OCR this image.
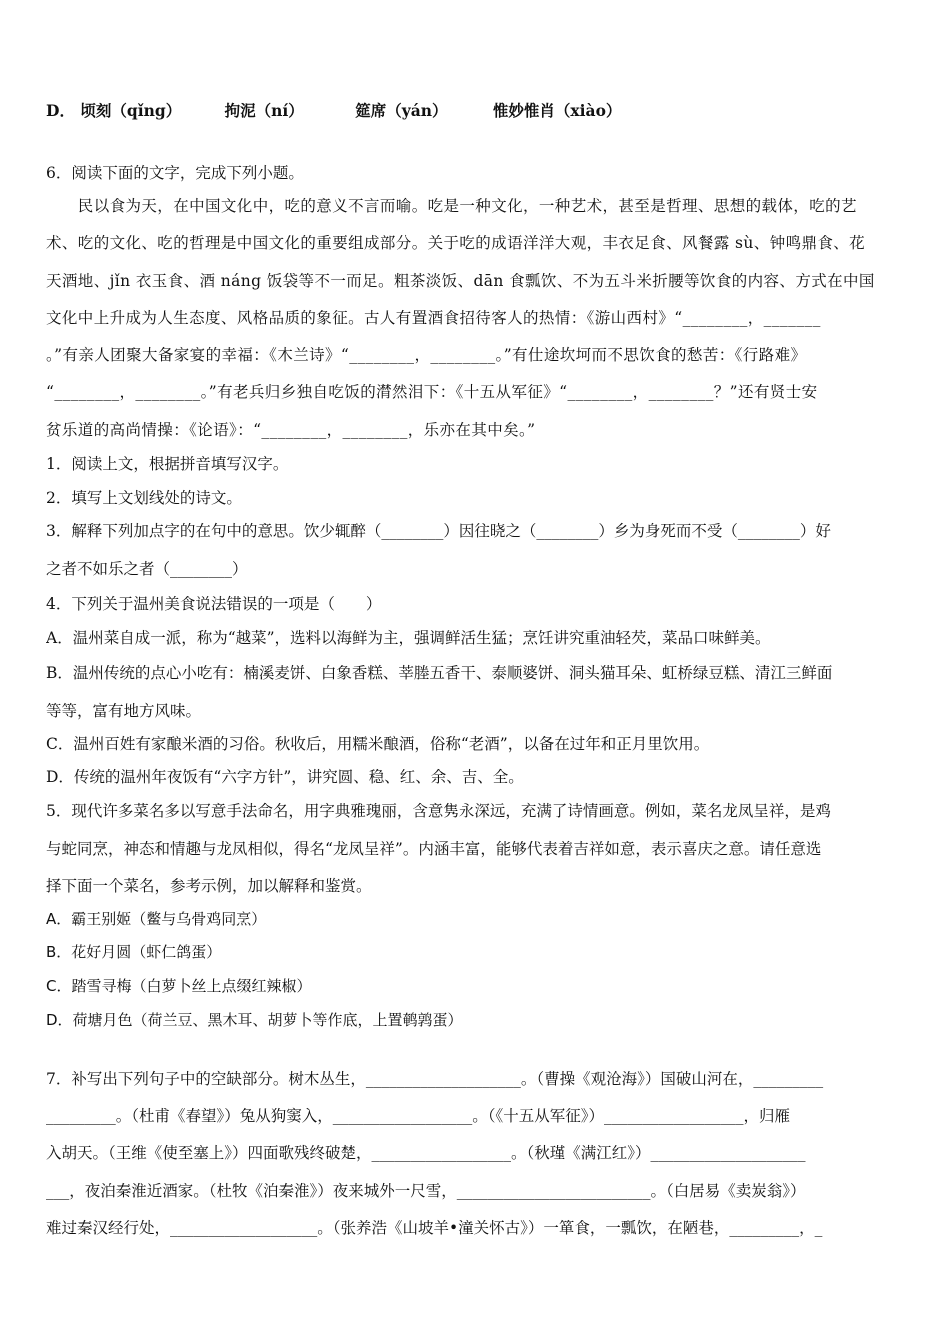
D． 顷刻（qǐng）	拘泥（ní）	筵席（yán）	惟妙惟肖（xiào）
6．阅读下面的文字，完成下列小题。
　　民以食为天，在中国文化中，吃的意义不言而喻。吃是一种文化，一种艺术，甚至是哲理、思想的载体，吃的艺
术、吃的文化、吃的哲理是中国文化的重要组成部分。关于吃的成语洋洋大观，丰衣足食、风餐露 sù、钟鸣鼎食、花
天酒地、jǐn 衣玉食、酒 náng 饭袋等不一而足。粗茶淡饭、dān 食瓢饮、不为五斗米折腰等饮食的内容、方式在中国
文化中上升成为人生态度、风格品质的象征。古人有置酒食招待客人的热情：《游山西村》“________，_______
。”有亲人团聚大备家宴的幸福：《木兰诗》“________，________。”有仕途坎坷而不思饮食的愁苦：《行路难》
“________，________。”有老兵归乡独自吃饭的潸然泪下：《十五从军征》“________，________？”还有贤士安
贫乐道的高尚情操：《论语》：“________，________，乐亦在其中矣。”
1．阅读上文，根据拼音填写汉字。
2．填写上文划线处的诗文。
3．解释下列加点字的在句中的意思。饮少辄醉（________）因往晓之（________）乡为身死而不受（________）好
之者不如乐之者（________）
4．下列关于温州美食说法错误的一项是（　　）
A．温州菜自成一派，称为“越菜”，选料以海鲜为主，强调鲜活生猛；烹饪讲究重油轻芡，菜品口味鲜美。
B．温州传统的点心小吃有：楠溪麦饼、白象香糕、莘塍五香干、泰顺婆饼、洞头猫耳朵、虹桥绿豆糕、清江三鲜面
等等，富有地方风味。
C．温州百姓有家酿米酒的习俗。秋收后，用糯米酿酒，俗称“老酒”，以备在过年和正月里饮用。
D．传统的温州年夜饭有“六字方针”，讲究圆、稳、红、余、吉、全。
5．现代许多菜名多以写意手法命名，用字典雅瑰丽，含意隽永深远，充满了诗情画意。例如，菜名龙凤呈祥，是鸡
与蛇同烹，神态和情趣与龙凤相似，得名“龙凤呈祥”。内涵丰富，能够代表着吉祥如意，表示喜庆之意。请任意选
择下面一个菜名，参考示例，加以解释和鉴赏。
A．霸王别姬（鳖与乌骨鸡同烹）
B．花好月圆（虾仁鸽蛋）
C．踏雪寻梅（白萝卜丝上点缀红辣椒）
D．荷塘月色（荷兰豆、黑木耳、胡萝卜等作底，上置鹌鹑蛋）
7．补写出下列句子中的空缺部分。树木丛生，____________________。（曹操《观沧海》）国破山河在，_________
_________。（杜甫《春望》）兔从狗窦入，__________________。（《十五从军征》）__________________，归雁
入胡天。（王维《使至塞上》）四面歌残终破楚，__________________。（秋瑾《满江红》）____________________
___，夜泊秦淮近酒家。（杜牧《泊秦淮》）夜来城外一尺雪，_________________________。（白居易《卖炭翁》）
难过秦汉经行处，___________________。（张养浩《山坡羊•潼关怀古》）一箪食，一瓢饮，在陋巷，_________，_
